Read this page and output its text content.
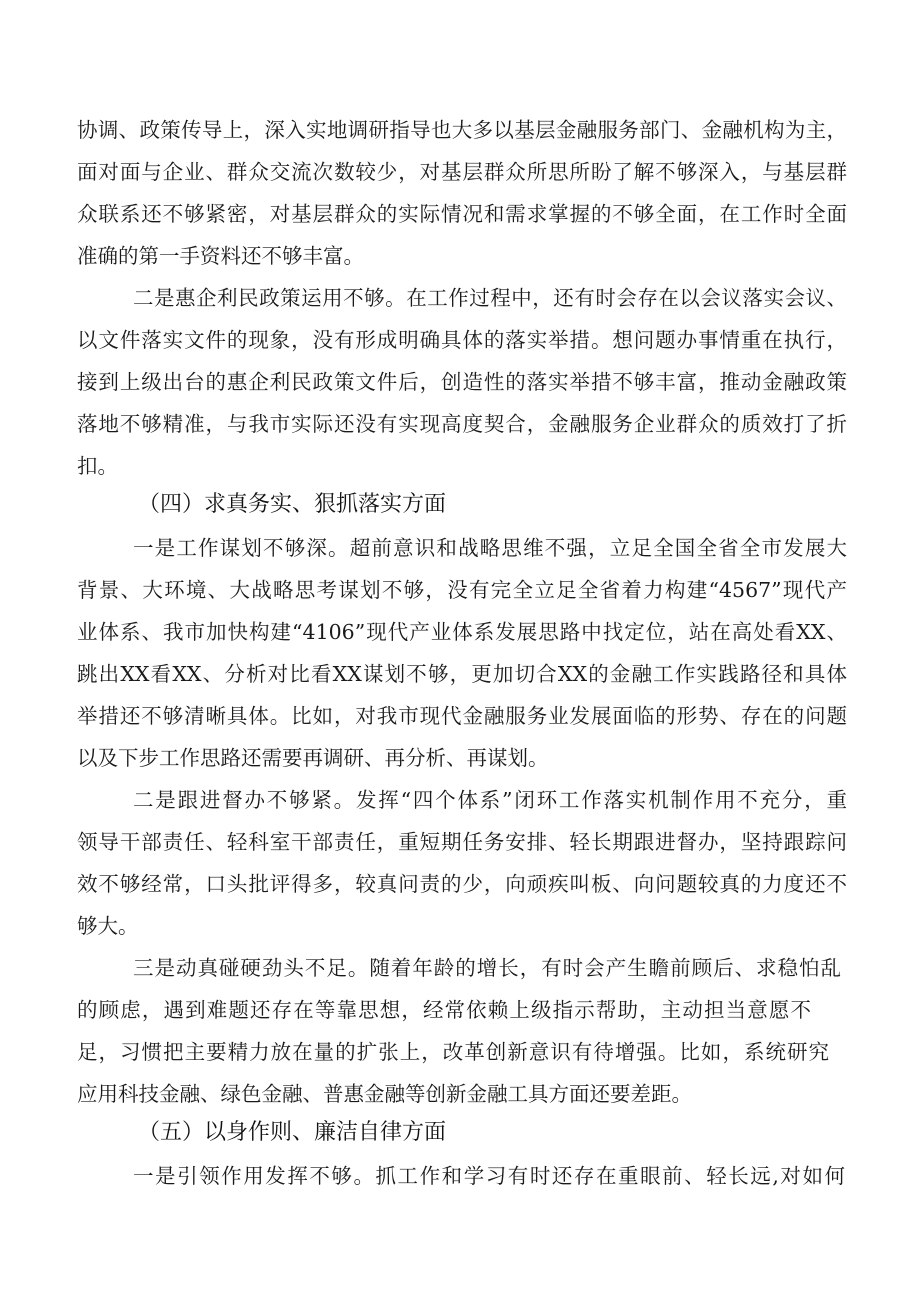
协调、政策传导上，深入实地调研指导也大多以基层金融服务部门、金融机构为主，
面对面与企业、群众交流次数较少，对基层群众所思所盼了解不够深入，与基层群
众联系还不够紧密，对基层群众的实际情况和需求掌握的不够全面，在工作时全面
准确的第一手资料还不够丰富。
二是惠企利民政策运用不够。在工作过程中，还有时会存在以会议落实会议、
以文件落实文件的现象，没有形成明确具体的落实举措。想问题办事情重在执行，
接到上级出台的惠企利民政策文件后，创造性的落实举措不够丰富，推动金融政策
落地不够精准，与我市实际还没有实现高度契合，金融服务企业群众的质效打了折
扣。
（四）求真务实、狠抓落实方面
一是工作谋划不够深。超前意识和战略思维不强，立足全国全省全市发展大
背景、大环境、大战略思考谋划不够，没有完全立足全省着力构建“4567”现代产
业体系、我市加快构建“4106”现代产业体系发展思路中找定位，站在高处看XX、
跳出XX看XX、分析对比看XX谋划不够，更加切合XX的金融工作实践路径和具体
举措还不够清晰具体。比如，对我市现代金融服务业发展面临的形势、存在的问题
以及下步工作思路还需要再调研、再分析、再谋划。
二是跟进督办不够紧。发挥“四个体系”闭环工作落实机制作用不充分，重
领导干部责任、轻科室干部责任，重短期任务安排、轻长期跟进督办，坚持跟踪问
效不够经常，口头批评得多，较真问责的少，向顽疾叫板、向问题较真的力度还不
够大。
三是动真碰硬劲头不足。随着年龄的增长，有时会产生瞻前顾后、求稳怕乱
的顾虑，遇到难题还存在等靠思想，经常依赖上级指示帮助，主动担当意愿不
足，习惯把主要精力放在量的扩张上，改革创新意识有待增强。比如，系统研究
应用科技金融、绿色金融、普惠金融等创新金融工具方面还要差距。
（五）以身作则、廉洁自律方面
一是引领作用发挥不够。抓工作和学习有时还存在重眼前、轻长远,对如何
